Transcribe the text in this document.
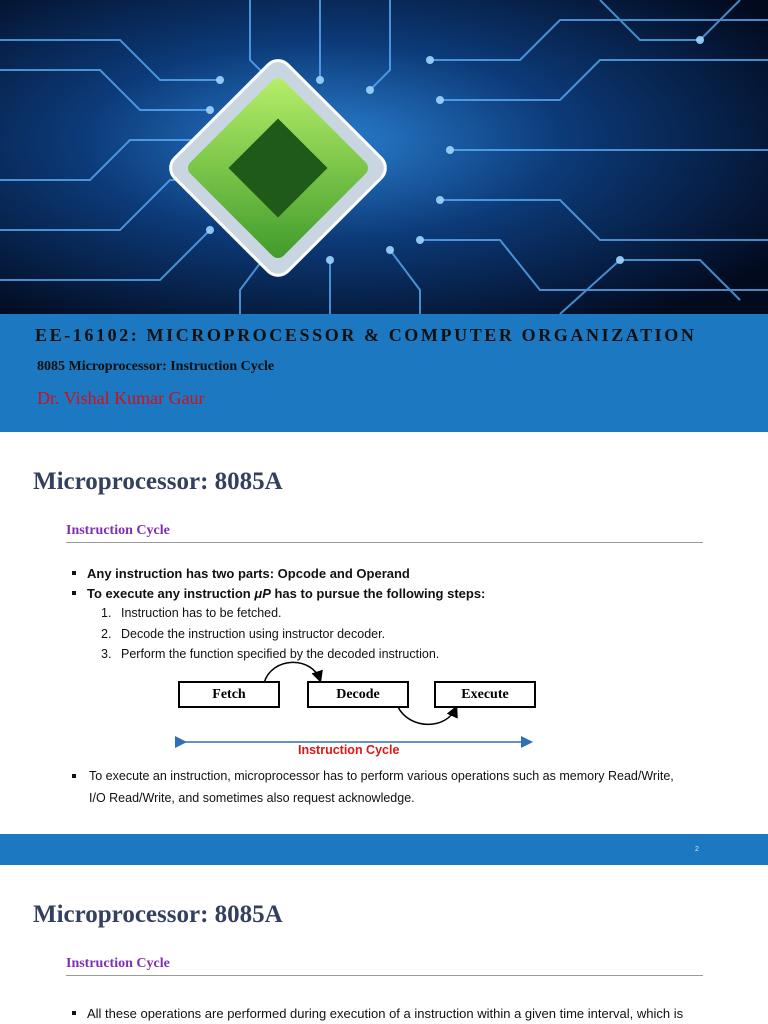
EE-16102: MICROPROCESSOR & COMPUTER ORGANIZATION
8085 Microprocessor: Instruction Cycle
Dr. Vishal Kumar Gaur
Microprocessor: 8085A
Instruction Cycle
Any instruction has two parts: Opcode and Operand
To execute any instruction μP has to pursue the following steps:
1. Instruction has to be fetched.
2. Decode the instruction using instructor decoder.
3. Perform the function specified by the decoded instruction.
Fetch	Decode	Execute
Instruction Cycle
To execute an instruction, microprocessor has to perform various operations such as memory Read/Write,
I/O Read/Write, and sometimes also request acknowledge.
2
Microprocessor: 8085A
Instruction Cycle
All these operations are performed during execution of a instruction within a given time interval, which is
